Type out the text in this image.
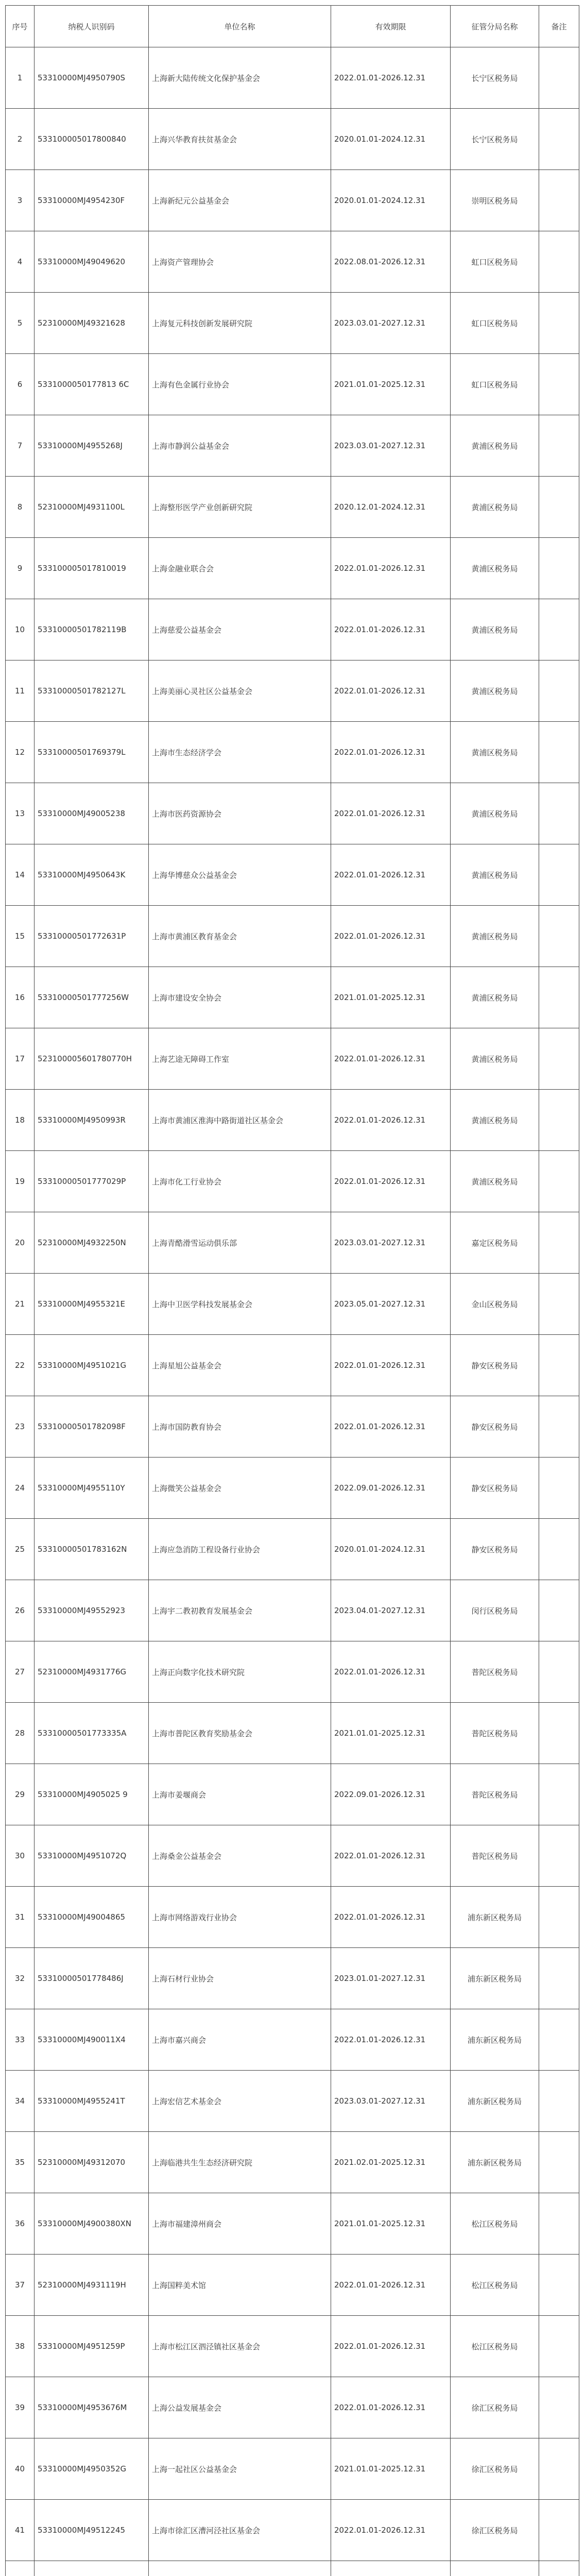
序号	纳税人识别码	单位名称	有效期限	征管分局名称	备注
1	53310000MJ4950790S	上海新大陆传统文化保护基金会	2022.01.01-2026.12.31	长宁区税务局	
2	533100005017800840	上海兴华教育扶贫基金会	2020.01.01-2024.12.31	长宁区税务局	
3	53310000MJ4954230F	上海新纪元公益基金会	2020.01.01-2024.12.31	崇明区税务局	
4	53310000MJ49049620	上海资产管理协会	2022.08.01-2026.12.31	虹口区税务局	
5	52310000MJ49321628	上海复元科技创新发展研究院	2023.03.01-2027.12.31	虹口区税务局	
6	5331000050177813 6C	上海有色金属行业协会	2021.01.01-2025.12.31	虹口区税务局	
7	53310000MJ4955268J	上海市静润公益基金会	2023.03.01-2027.12.31	黄浦区税务局	
8	52310000MJ4931100L	上海整形医学产业创新研究院	2020.12.01-2024.12.31	黄浦区税务局	
9	533100005017810019	上海金融业联合会	2022.01.01-2026.12.31	黄浦区税务局	
10	53310000501782119B	上海慈爱公益基金会	2022.01.01-2026.12.31	黄浦区税务局	
11	53310000501782127L	上海美丽心灵社区公益基金会	2022.01.01-2026.12.31	黄浦区税务局	
12	53310000501769379L	上海市生态经济学会	2022.01.01-2026.12.31	黄浦区税务局	
13	53310000MJ49005238	上海市医药资源协会	2022.01.01-2026.12.31	黄浦区税务局	
14	53310000MJ4950643K	上海华博慈众公益基金会	2022.01.01-2026.12.31	黄浦区税务局	
15	53310000501772631P	上海市黄浦区教育基金会	2022.01.01-2026.12.31	黄浦区税务局	
16	53310000501777256W	上海市建设安全协会	2021.01.01-2025.12.31	黄浦区税务局	
17	523100005601780770H	上海艺途无障碍工作室	2022.01.01-2026.12.31	黄浦区税务局	
18	53310000MJ4950993R	上海市黄浦区淮海中路街道社区基金会	2022.01.01-2026.12.31	黄浦区税务局	
19	53310000501777029P	上海市化工行业协会	2022.01.01-2026.12.31	黄浦区税务局	
20	52310000MJ4932250N	上海青酷滑雪运动俱乐部	2023.03.01-2027.12.31	嘉定区税务局	
21	53310000MJ4955321E	上海中卫医学科技发展基金会	2023.05.01-2027.12.31	金山区税务局	
22	53310000MJ4951021G	上海星旭公益基金会	2022.01.01-2026.12.31	静安区税务局	
23	53310000501782098F	上海市国防教育协会	2022.01.01-2026.12.31	静安区税务局	
24	53310000MJ4955110Y	上海微笑公益基金会	2022.09.01-2026.12.31	静安区税务局	
25	53310000501783162N	上海应急消防工程设备行业协会	2020.01.01-2024.12.31	静安区税务局	
26	53310000MJ49552923	上海宇二教初教育发展基金会	2023.04.01-2027.12.31	闵行区税务局	
27	52310000MJ4931776G	上海正向数字化技术研究院	2022.01.01-2026.12.31	普陀区税务局	
28	53310000501773335A	上海市普陀区教育奖励基金会	2021.01.01-2025.12.31	普陀区税务局	
29	53310000MJ4905025 9	上海市姜堰商会	2022.09.01-2026.12.31	普陀区税务局	
30	53310000MJ4951072Q	上海桑金公益基金会	2022.01.01-2026.12.31	普陀区税务局	
31	53310000MJ49004865	上海市网络游戏行业协会	2022.01.01-2026.12.31	浦东新区税务局	
32	53310000501778486J	上海石材行业协会	2023.01.01-2027.12.31	浦东新区税务局	
33	53310000MJ490011X4	上海市嘉兴商会	2022.01.01-2026.12.31	浦东新区税务局	
34	53310000MJ4955241T	上海宏信艺术基金会	2023.03.01-2027.12.31	浦东新区税务局	
35	52310000MJ49312070	上海临港共生生态经济研究院	2021.02.01-2025.12.31	浦东新区税务局	
36	53310000MJ4900380XN	上海市福建漳州商会	2021.01.01-2025.12.31	松江区税务局	
37	52310000MJ4931119H	上海国粹美术馆	2022.01.01-2026.12.31	松江区税务局	
38	53310000MJ4951259P	上海市松江区泗泾镇社区基金会	2022.01.01-2026.12.31	松江区税务局	
39	53310000MJ4953676M	上海公益发展基金会	2022.01.01-2026.12.31	徐汇区税务局	
40	53310000MJ4950352G	上海一起社区公益基金会	2021.01.01-2025.12.31	徐汇区税务局	
41	53310000MJ49512245	上海市徐汇区漕河泾社区基金会	2022.01.01-2026.12.31	徐汇区税务局	
